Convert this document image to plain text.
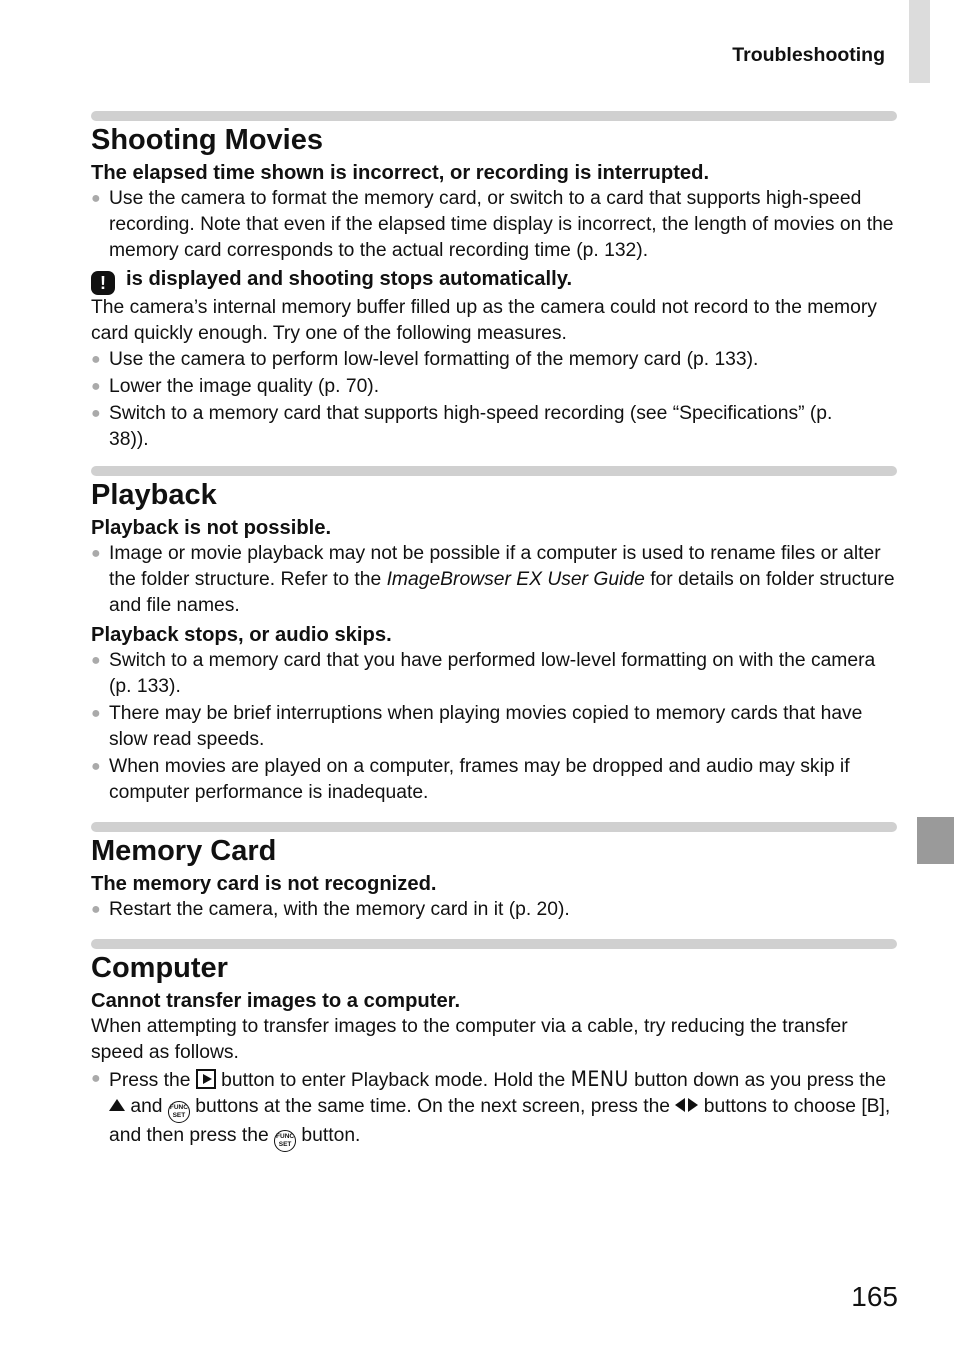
Troubleshooting
Shooting Movies
The elapsed time shown is incorrect, or recording is interrupted.
● Use the camera to format the memory card, or switch to a card that supports high-speed recording. Note that even if the elapsed time display is incorrect, the length of movies on the memory card corresponds to the actual recording time (p. 132).
! is displayed and shooting stops automatically.

The camera’s internal memory buffer filled up as the camera could not record to the memory card quickly enough. Try one of the following measures.

● Use the camera to perform low-level formatting of the memory card (p. 133).
● Lower the image quality (p. 70).
● Switch to a memory card that supports high-speed recording (see “Specifications” (p. 38)).
Playback
Playback is not possible.
● Image or movie playback may not be possible if a computer is used to rename files or alter the folder structure. Refer to the ImageBrowser EX User Guide for details on folder structure and file names.
Playback stops, or audio skips.
● Switch to a memory card that you have performed low-level formatting on with the camera (p. 133).
● There may be brief interruptions when playing movies copied to memory cards that have slow read speeds.
● When movies are played on a computer, frames may be dropped and audio may skip if computer performance is inadequate.
Memory Card
The memory card is not recognized.
● Restart the camera, with the memory card in it (p. 20).
Computer
Cannot transfer images to a computer.

When attempting to transfer images to the computer via a cable, try reducing the transfer speed as follows.

● Press the  button to enter Playback mode. Hold the MENU button down as you press the  and FUNC
SET buttons at the same time. On the next screen, press the  buttons to choose [B], and then press the FUNC
SET button.
165
